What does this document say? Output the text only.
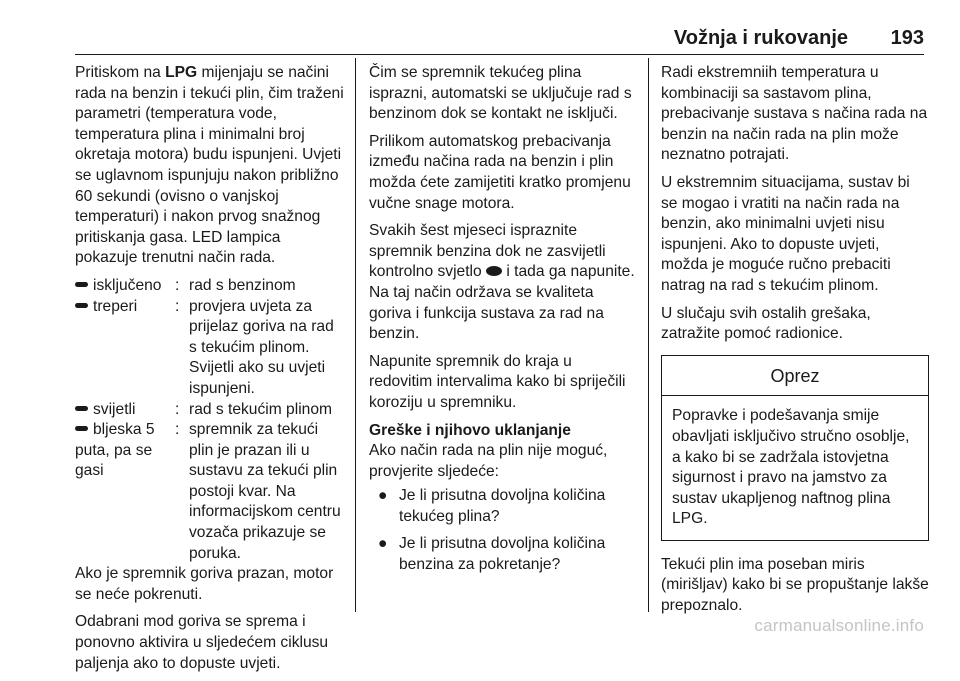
Vožnja i rukovanje 193

Pritiskom na LPG mijenjaju se načini rada na benzin i tekući plin, čim traženi parametri (temperatura vode, temperatura plina i minimalni broj okretaja motora) budu ispunjeni. Uvjeti se uglavnom ispunjuju nakon približno 60 sekundi (ovisno o vanjskoj temperaturi) i nakon prvog snažnog pritiskanja gasa. LED lampica pokazuje trenutni način rada.

isključeno : rad s benzinom
treperi	: provjera uvjeta za prijelaz goriva na rad s tekućim plinom. Svijetli ako su uvjeti ispunjeni.
svijetli	: rad s tekućim plinom
bljeska 5 puta, pa se gasi
: spremnik za tekući plin je prazan ili u sustavu za tekući plin postoji kvar. Na informacijskom centru vozača prikazuje se poruka.

Ako je spremnik goriva prazan, motor se neće pokrenuti.

Odabrani mod goriva se sprema i ponovno aktivira u sljedećem ciklusu paljenja ako to dopuste uvjeti.

Čim se spremnik tekućeg plina isprazni, automatski se uključuje rad s benzinom dok se kontakt ne isključi.

Prilikom automatskog prebacivanja između načina rada na benzin i plin možda ćete zamijetiti kratko promjenu vučne snage motora.

Svakih šest mjeseci ispraznite spremnik benzina dok ne zasvijetli kontrolno svjetlo  i tada ga napunite. Na taj način održava se kvaliteta goriva i funkcija sustava za rad na benzin.

Napunite spremnik do kraja u redovitim intervalima kako bi spriječili koroziju u spremniku.

Greške i njihovo uklanjanje

Ako način rada na plin nije moguć, provjerite sljedeće:

● Je li prisutna dovoljna količina tekućeg plina?
● Je li prisutna dovoljna količina benzina za pokretanje?

Radi ekstremniih temperatura u kombinaciji sa sastavom plina, prebacivanje sustava s načina rada na benzin na način rada na plin može neznatno potrajati.

U ekstremnim situacijama, sustav bi se mogao i vratiti na način rada na benzin, ako minimalni uvjeti nisu ispunjeni. Ako to dopuste uvjeti, možda je moguće ručno prebaciti natrag na rad s tekućim plinom.

U slučaju svih ostalih grešaka, zatražite pomoć radionice.

Oprez
Popravke i podešavanja smije obavljati isključivo stručno osoblje, a kako bi se zadržala istovjetna sigurnost i pravo na jamstvo za sustav ukapljenog naftnog plina LPG.

Tekući plin ima poseban miris (mirišljav) kako bi se propuštanje lakše prepoznalo.

carmanualsonline.info
